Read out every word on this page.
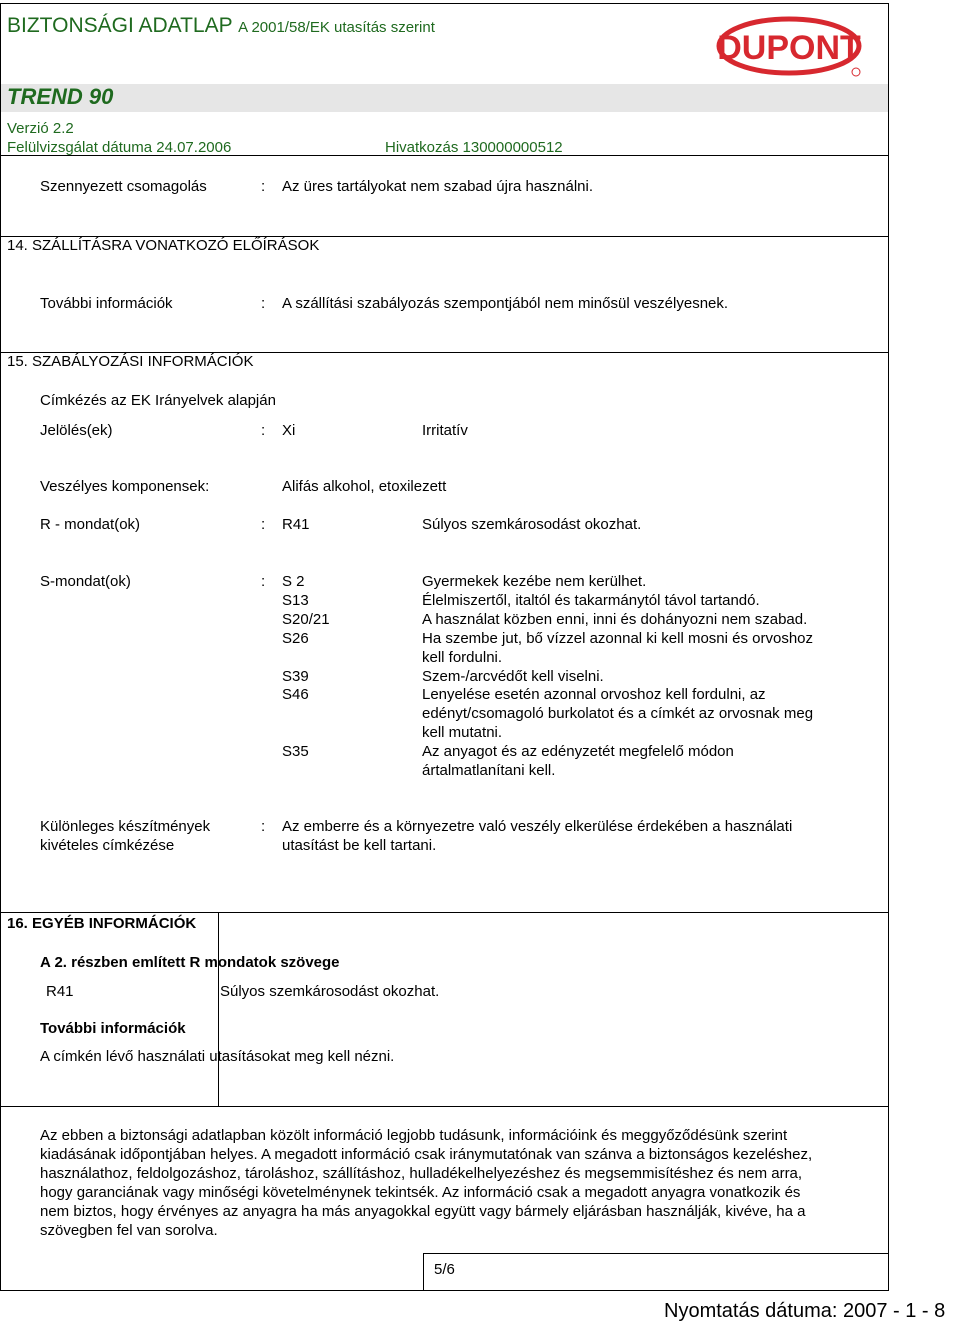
BIZTONSÁGI ADATLAP A 2001/58/EK utasítás szerint
DUPONT
TREND 90
Verzió 2.2
Felülvizsgálat dátuma 24.07.2006	Hivatkozás 130000000512
Szennyezett csomagolás	: Az üres tartályokat nem szabad újra használni.
14. SZÁLLÍTÁSRA VONATKOZÓ ELŐÍRÁSOK
További információk	: A szállítási szabályozás szempontjából nem minősül veszélyesnek.
15. SZABÁLYOZÁSI INFORMÁCIÓK
Címkézés az EK Irányelvek alapján
Jelölés(ek)	: Xi	Irritatív
Veszélyes komponensek:	Alifás alkohol, etoxilezett
R - mondat(ok)	: R41	Súlyos szemkárosodást okozhat.
S-mondat(ok)	: S 2	Gyermekek kezébe nem kerülhet.
S13	Élelmiszertől, italtól és takarmánytól távol tartandó.
S20/21	A használat közben enni, inni és dohányozni nem szabad.
S26	Ha szembe jut, bő vízzel azonnal ki kell mosni és orvoshoz
kell fordulni.
S39	Szem-/arcvédőt kell viselni.
S46	Lenyelése esetén azonnal orvoshoz kell fordulni, az
edényt/csomagoló burkolatot és a címkét az orvosnak meg
kell mutatni.
S35	Az anyagot és az edényzetét megfelelő módon
ártalmatlanítani kell.
Különleges készítmények
kivételes címkézése
: Az emberre és a környezetre való veszély elkerülése érdekében a használati
utasítást be kell tartani.
16. EGYÉB INFORMÁCIÓK
A 2. részben említett R mondatok szövege
R41	Súlyos szemkárosodást okozhat.
További információk
A címkén lévő használati utasításokat meg kell nézni.
Az ebben a biztonsági adatlapban közölt információ legjobb tudásunk, információink és meggyőződésünk szerint
kiadásának időpontjában helyes. A megadott információ csak iránymutatónak van szánva a biztonságos kezeléshez,
használathoz, feldolgozáshoz, tároláshoz, szállításhoz, hulladékelhelyezéshez és megsemmisítéshez és nem arra,
hogy garanciának vagy minőségi követelménynek tekintsék. Az információ csak a megadott anyagra vonatkozik és
nem biztos, hogy érvényes az anyagra ha más anyagokkal együtt vagy bármely eljárásban használják, kivéve, ha a
szövegben fel van sorolva.
5/6
Nyomtatás dátuma: 2007 - 1 - 8
